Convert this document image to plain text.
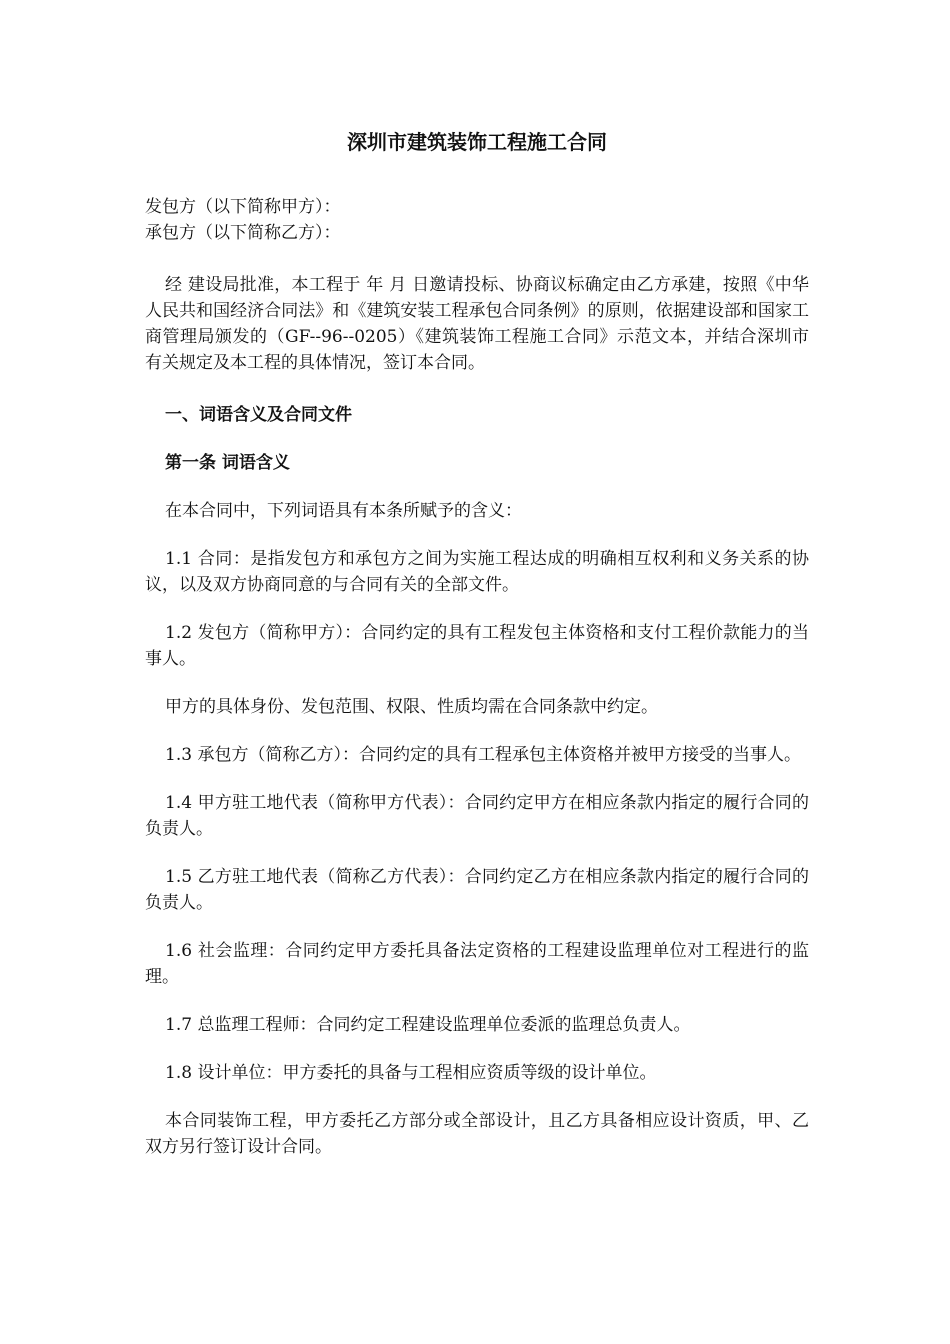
深圳市建筑装饰工程施工合同

发包方（以下简称甲方）：

承包方（以下简称乙方）：

经 建设局批准，本工程于 年 月 日邀请投标、协商议标确定由乙方承建，按照《中华人民共和国经济合同法》和《建筑安装工程承包合同条例》的原则，依据建设部和国家工商管理局颁发的（GF--96--0205）《建筑装饰工程施工合同》示范文本，并结合深圳市有关规定及本工程的具体情况，签订本合同。

一、词语含义及合同文件

第一条 词语含义

在本合同中，下列词语具有本条所赋予的含义：

1.1 合同：是指发包方和承包方之间为实施工程达成的明确相互权利和义务关系的协议，以及双方协商同意的与合同有关的全部文件。

1.2 发包方（简称甲方）：合同约定的具有工程发包主体资格和支付工程价款能力的当事人。

甲方的具体身份、发包范围、权限、性质均需在合同条款中约定。

1.3 承包方（简称乙方）：合同约定的具有工程承包主体资格并被甲方接受的当事人。

1.4 甲方驻工地代表（简称甲方代表）：合同约定甲方在相应条款内指定的履行合同的负责人。

1.5 乙方驻工地代表（简称乙方代表）：合同约定乙方在相应条款内指定的履行合同的负责人。

1.6 社会监理：合同约定甲方委托具备法定资格的工程建设监理单位对工程进行的监理。

1.7 总监理工程师：合同约定工程建设监理单位委派的监理总负责人。

1.8 设计单位：甲方委托的具备与工程相应资质等级的设计单位。

本合同装饰工程，甲方委托乙方部分或全部设计，且乙方具备相应设计资质，甲、乙双方另行签订设计合同。
